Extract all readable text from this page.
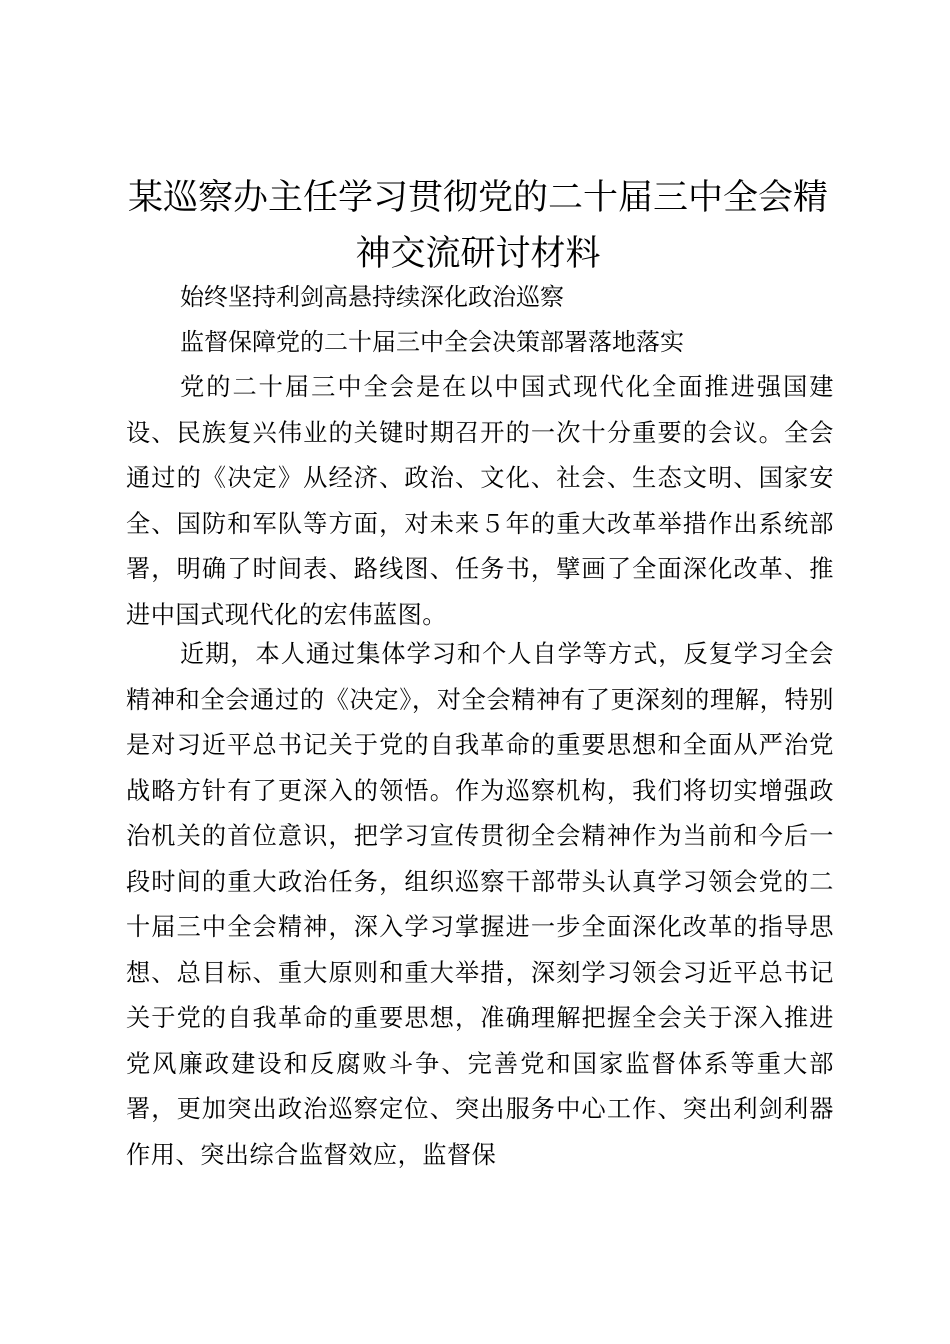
某巡察办主任学习贯彻党的二十届三中全会精神交流研讨材料

始终坚持利剑高悬持续深化政治巡察

监督保障党的二十届三中全会决策部署落地落实

党的二十届三中全会是在以中国式现代化全面推进强国建设、民族复兴伟业的关键时期召开的一次十分重要的会议。全会通过的《决定》从经济、政治、文化、社会、生态文明、国家安全、国防和军队等方面，对未来５年的重大改革举措作出系统部署，明确了时间表、路线图、任务书，擘画了全面深化改革、推进中国式现代化的宏伟蓝图。

近期，本人通过集体学习和个人自学等方式，反复学习全会精神和全会通过的《决定》，对全会精神有了更深刻的理解，特别是对习近平总书记关于党的自我革命的重要思想和全面从严治党战略方针有了更深入的领悟。作为巡察机构，我们将切实增强政治机关的首位意识，把学习宣传贯彻全会精神作为当前和今后一段时间的重大政治任务，组织巡察干部带头认真学习领会党的二十届三中全会精神，深入学习掌握进一步全面深化改革的指导思想、总目标、重大原则和重大举措，深刻学习领会习近平总书记关于党的自我革命的重要思想，准确理解把握全会关于深入推进党风廉政建设和反腐败斗争、完善党和国家监督体系等重大部署，更加突出政治巡察定位、突出服务中心工作、突出利剑利器作用、突出综合监督效应，监督保
